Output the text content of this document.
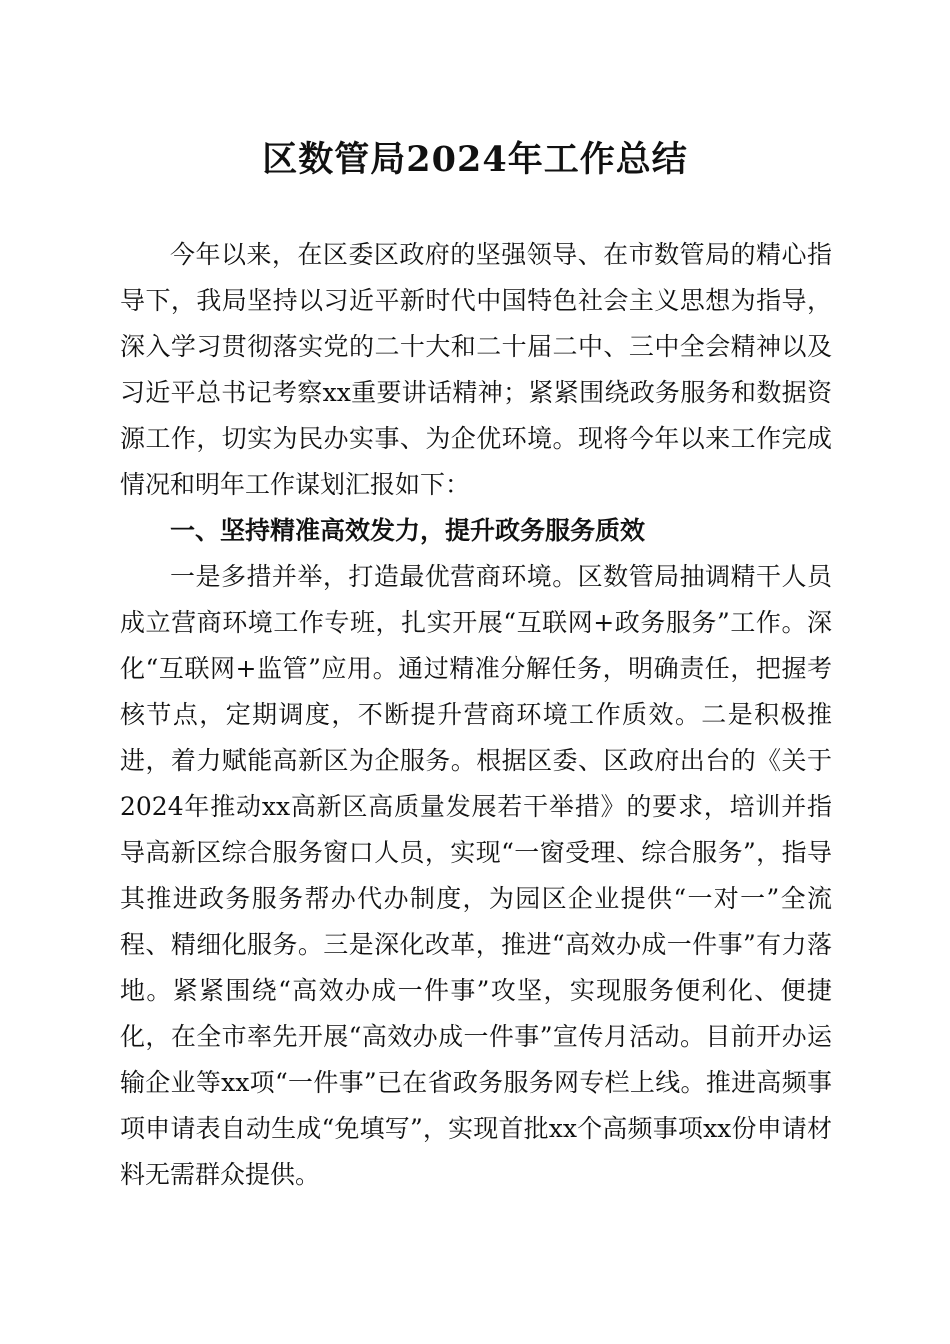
区数管局2024年工作总结

今年以来，在区委区政府的坚强领导、在市数管局的精心指导下，我局坚持以习近平新时代中国特色社会主义思想为指导，深入学习贯彻落实党的二十大和二十届二中、三中全会精神以及习近平总书记考察xx重要讲话精神；紧紧围绕政务服务和数据资源工作，切实为民办实事、为企优环境。现将今年以来工作完成情况和明年工作谋划汇报如下：

一、坚持精准高效发力，提升政务服务质效

一是多措并举，打造最优营商环境。区数管局抽调精干人员成立营商环境工作专班，扎实开展“互联网+政务服务”工作。深化“互联网+监管”应用。通过精准分解任务，明确责任，把握考核节点，定期调度，不断提升营商环境工作质效。二是积极推进，着力赋能高新区为企服务。根据区委、区政府出台的《关于2024年推动xx高新区高质量发展若干举措》的要求，培训并指导高新区综合服务窗口人员，实现“一窗受理、综合服务”，指导其推进政务服务帮办代办制度，为园区企业提供“一对一”全流程、精细化服务。三是深化改革，推进“高效办成一件事”有力落地。紧紧围绕“高效办成一件事”攻坚，实现服务便利化、便捷化，在全市率先开展“高效办成一件事”宣传月活动。目前开办运输企业等xx项“一件事”已在省政务服务网专栏上线。推进高频事项申请表自动生成“免填写”，实现首批xx个高频事项xx份申请材料无需群众提供。
